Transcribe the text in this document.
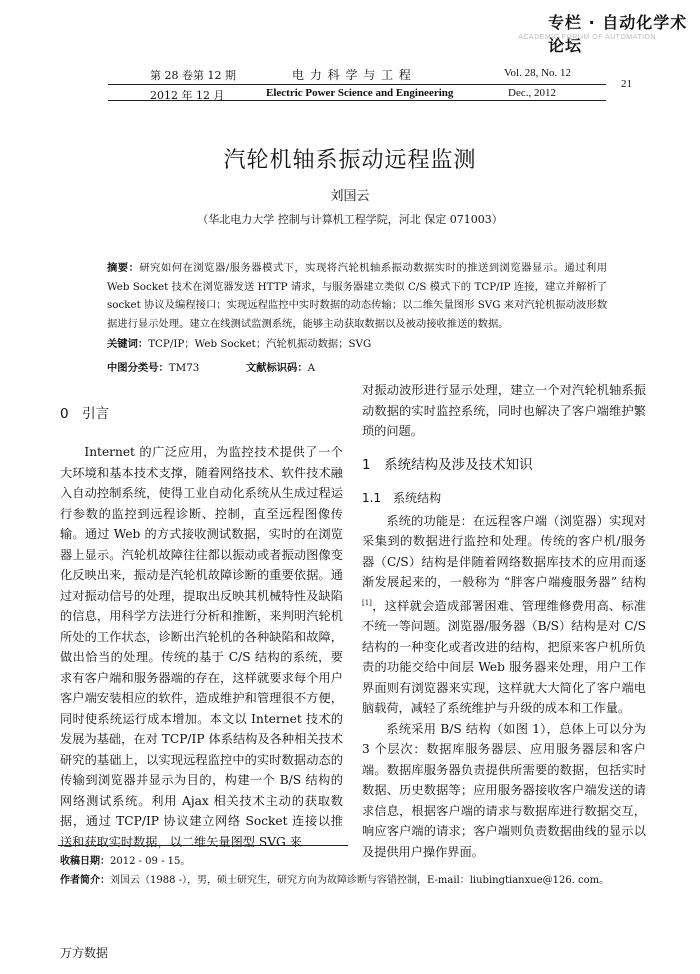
专栏 · 自动化学术论坛
ACADEMIC FORUM OF AUTOMATION
第 28 卷第 12 期
2012 年 12 月
电 力 科 学 与 工 程
Electric Power Science and Engineering
Vol. 28, No. 12
Dec., 2012
21
汽轮机轴系振动远程监测
刘国云
（华北电力大学 控制与计算机工程学院，河北 保定 071003）
摘要：研究如何在浏览器/服务器模式下，实现将汽轮机轴系振动数据实时的推送到浏览器显示。通过利用 Web Socket 技术在浏览器发送 HTTP 请求，与服务器建立类似 C/S 模式下的 TCP/IP 连接，建立并解析了 socket 协议及编程接口；实现远程监控中实时数据的动态传输；以二维矢量图形 SVG 来对汽轮机振动波形数据进行显示处理。建立在线测试监测系统，能够主动获取数据以及被动接收推送的数据。
关键词：TCP/IP；Web Socket；汽轮机振动数据；SVG
中图分类号：TM73	文献标识码：A
0　引言

Internet 的广泛应用，为监控技术提供了一个大环境和基本技术支撑，随着网络技术、软件技术融入自动控制系统，使得工业自动化系统从生成过程运行参数的监控到远程诊断、控制，直至远程图像传输。通过 Web 的方式接收测试数据，实时的在浏览器上显示。汽轮机故障往往都以振动或者振动图像变化反映出来，振动是汽轮机故障诊断的重要依据。通过对振动信号的处理，提取出反映其机械特性及缺陷的信息，用科学方法进行分析和推断，来判明汽轮机所处的工作状态，诊断出汽轮机的各种缺陷和故障，做出恰当的处理。传统的基于 C/S 结构的系统，要求有客户端和服务器端的存在，这样就要求每个用户客户端安装相应的软件，造成维护和管理很不方便，同时使系统运行成本增加。本文以 Internet 技术的发展为基础，在对 TCP/IP 体系结构及各种相关技术研究的基础上，以实现远程监控中的实时数据动态的传输到浏览器并显示为目的，构建一个 B/S 结构的网络测试系统。利用 Ajax 相关技术主动的获取数据，通过 TCP/IP 协议建立网络 Socket 连接以推送和获取实时数据，以二维矢量图型 SVG 来

对振动波形进行显示处理，建立一个对汽轮机轴系振动数据的实时监控系统，同时也解决了客户端维护繁琐的问题。

1　系统结构及涉及技术知识
1.1　系统结构

系统的功能是：在远程客户端（浏览器）实现对采集到的数据进行监控和处理。传统的客户机/服务器（C/S）结构是伴随着网络数据库技术的应用而逐渐发展起来的，一般称为 “胖客户端瘦服务器” 结构[1]，这样就会造成部署困难、管理维修费用高、标准不统一等问题。浏览器/服务器（B/S）结构是对 C/S 结构的一种变化或者改进的结构，把原来客户机所负责的功能交给中间层 Web 服务器来处理，用户工作界面则有浏览器来实现，这样就大大简化了客户端电脑载荷，减轻了系统维护与升级的成本和工作量。

系统采用 B/S 结构（如图 1），总体上可以分为 3 个层次：数据库服务器层、应用服务器层和客户端。数据库服务器负责提供所需要的数据，包括实时数据、历史数据等；应用服务器接收客户端发送的请求信息，根据客户端的请求与数据库进行数据交互，响应客户端的请求；客户端则负责数据曲线的显示以及提供用户操作界面。

收稿日期：2012 - 09 - 15。
作者简介：刘国云（1988 -），男，硕士研究生，研究方向为故障诊断与容错控制，E-mail：liubingtianxue@126. com。
万方数据
